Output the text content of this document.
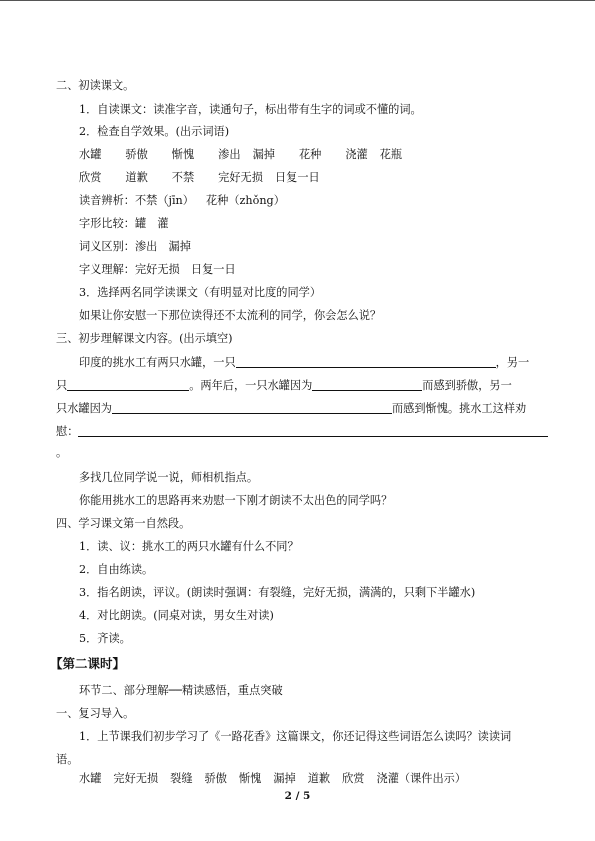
二、初读课文。
1．自读课文：读准字音，读通句子，标出带有生字的词或不懂的词。
2．检查自学效果。(出示词语)
水罐 骄傲 惭愧 渗出 漏掉 花种 浇灌 花瓶
欣赏 道歉 不禁 完好无损 日复一日
读音辨析：不禁（jīn） 花种（zhǒng）
字形比较：罐　灌
词义区别：渗出　漏掉
字义理解：完好无损　日复一日
3．选择两名同学读课文（有明显对比度的同学）
如果让你安慰一下那位读得还不太流利的同学，你会怎么说？
三、初步理解课文内容。(出示填空)
印度的挑水工有两只水罐，一只	，另一
只	。两年后，一只水罐因为	而感到骄傲，另一
只水罐因为	而感到惭愧。挑水工这样劝
慰：
。
多找几位同学说一说，师相机指点。
你能用挑水工的思路再来劝慰一下刚才朗读不太出色的同学吗？
四、学习课文第一自然段。
1．读、议：挑水工的两只水罐有什么不同？
2．自由练读。
3．指名朗读，评议。(朗读时强调：有裂缝，完好无损，满满的，只剩下半罐水)
4．对比朗读。(同桌对读，男女生对读)
5．齐读。
【第二课时】
环节二、部分理解──精读感悟，重点突破
一、复习导入。
1．上节课我们初步学习了《一路花香》这篇课文，你还记得这些词语怎么读吗？读读词
语。
水罐 完好无损 裂缝 骄傲 惭愧 漏掉 道歉 欣赏 浇灌（课件出示）
2 / 5
